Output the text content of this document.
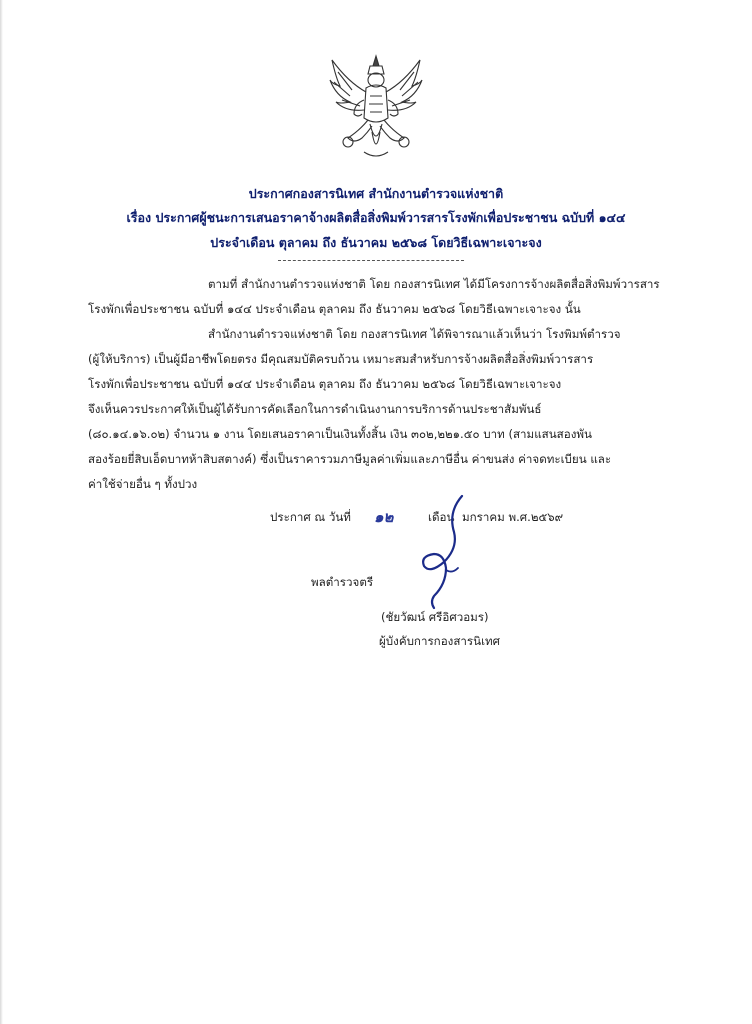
ประกาศกองสารนิเทศ สำนักงานตำรวจแห่งชาติ
เรื่อง ประกาศผู้ชนะการเสนอราคาจ้างผลิตสื่อสิ่งพิมพ์วารสารโรงพักเพื่อประชาชน ฉบับที่ ๑๔๔
ประจำเดือน ตุลาคม ถึง ธันวาคม ๒๕๖๘ โดยวิธีเฉพาะเจาะจง
ตามที่ สำนักงานตำรวจแห่งชาติ โดย กองสารนิเทศ ได้มีโครงการจ้างผลิตสื่อสิ่งพิมพ์วารสาร
โรงพักเพื่อประชาชน ฉบับที่ ๑๔๔ ประจำเดือน ตุลาคม ถึง ธันวาคม ๒๕๖๘ โดยวิธีเฉพาะเจาะจง นั้น
สำนักงานตำรวจแห่งชาติ โดย กองสารนิเทศ ได้พิจารณาแล้วเห็นว่า โรงพิมพ์ตำรวจ
(ผู้ให้บริการ) เป็นผู้มีอาชีพโดยตรง มีคุณสมบัติครบถ้วน เหมาะสมสำหรับการจ้างผลิตสื่อสิ่งพิมพ์วารสาร
โรงพักเพื่อประชาชน ฉบับที่ ๑๔๔ ประจำเดือน ตุลาคม ถึง ธันวาคม ๒๕๖๘ โดยวิธีเฉพาะเจาะจง
จึงเห็นควรประกาศให้เป็นผู้ได้รับการคัดเลือกในการดำเนินงานการบริการด้านประชาสัมพันธ์
(๘๐.๑๔.๑๖.๐๒) จำนวน ๑ งาน โดยเสนอราคาเป็นเงินทั้งสิ้น เงิน ๓๐๒,๒๒๑.๕๐ บาท (สามแสนสองพัน
สองร้อยยี่สิบเอ็ดบาทห้าสิบสตางค์) ซึ่งเป็นราคารวมภาษีมูลค่าเพิ่มและภาษีอื่น ค่าขนส่ง ค่าจดทะเบียน และ
ค่าใช้จ่ายอื่น ๆ ทั้งปวง
ประกาศ ณ วันที่ ๑๒	เดือน มกราคม พ.ศ.๒๕๖๙
พลตำรวจตรี
(ชัยวัฒน์ ศรีอิศวอมร)
ผู้บังคับการกองสารนิเทศ
